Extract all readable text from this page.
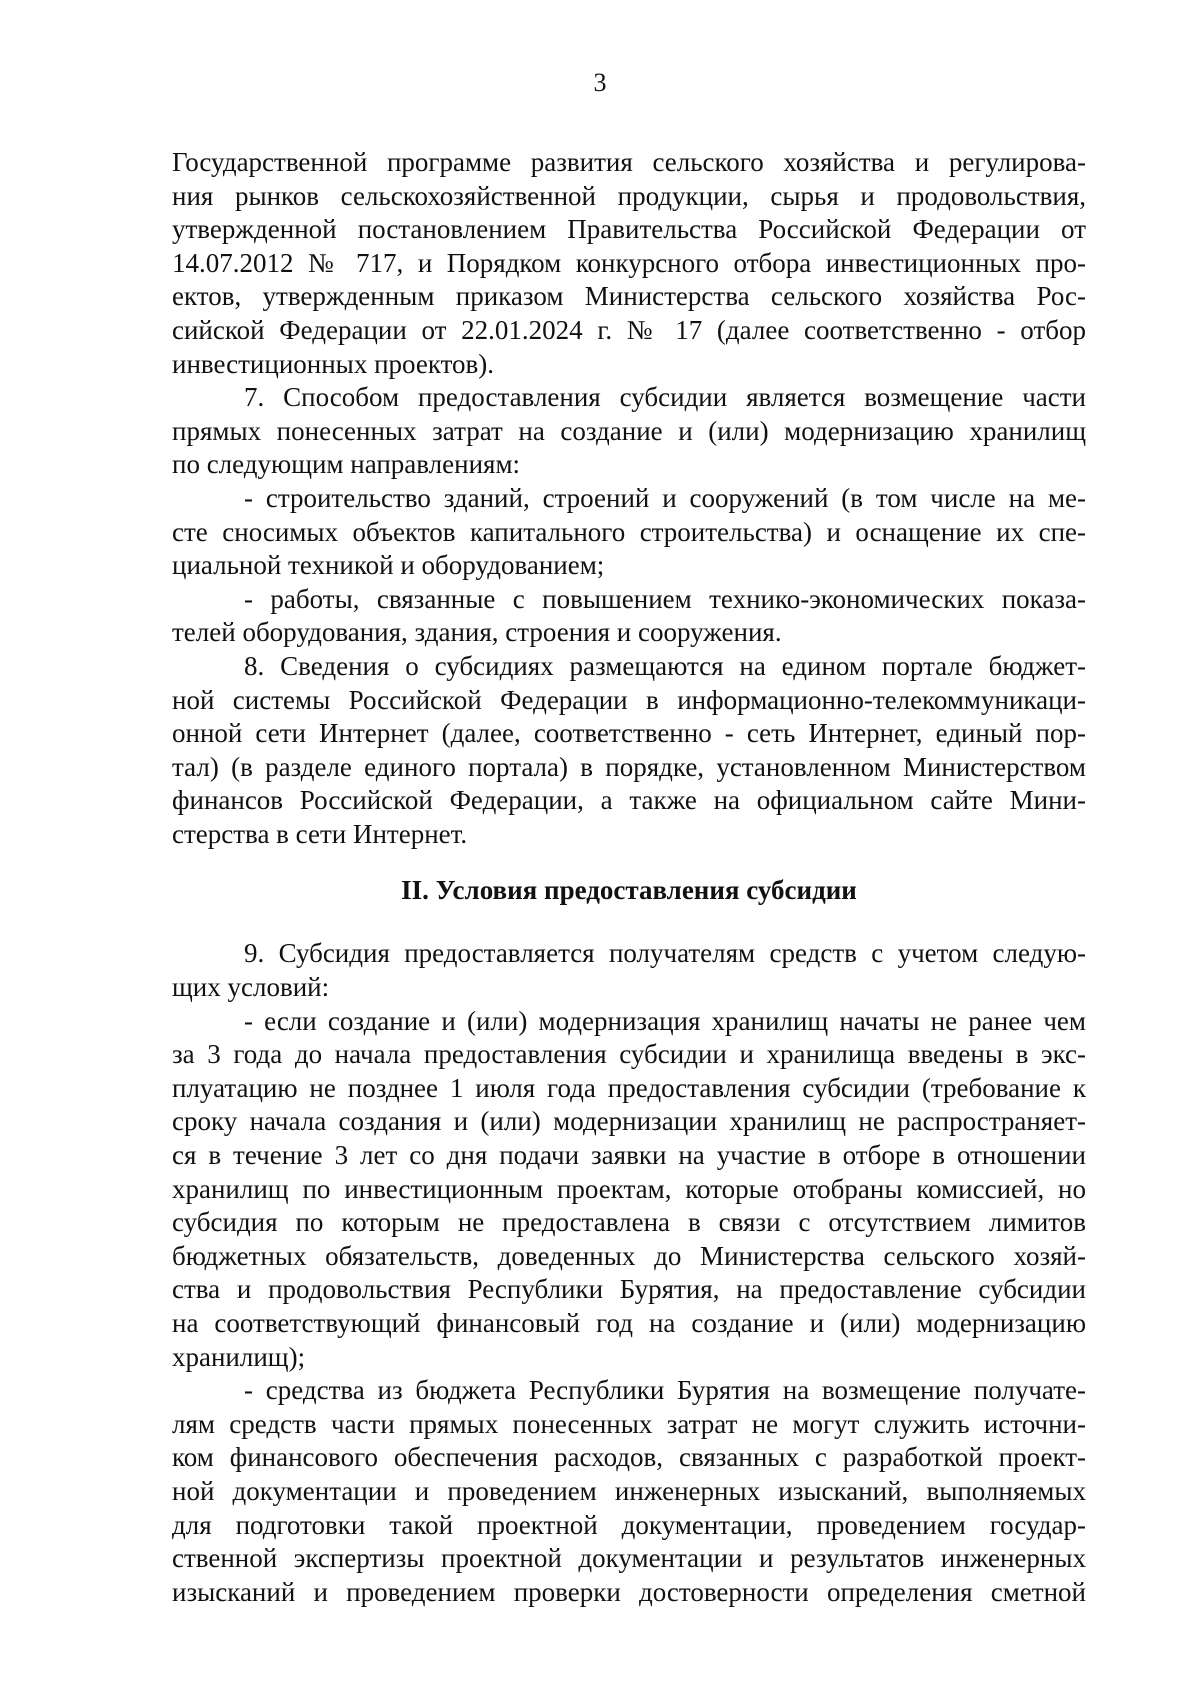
3
Государственной программе развития сельского хозяйства и регулирова-
ния рынков сельскохозяйственной продукции, сырья и продовольствия,
утвержденной постановлением Правительства Российской Федерации от
14.07.2012 № 717, и Порядком конкурсного отбора инвестиционных про-
ектов, утвержденным приказом Министерства сельского хозяйства Рос-
сийской Федерации от 22.01.2024 г. № 17 (далее соответственно - отбор
инвестиционных проектов).
7. Способом предоставления субсидии является возмещение части
прямых понесенных затрат на создание и (или) модернизацию хранилищ
по следующим направлениям:
- строительство зданий, строений и сооружений (в том числе на ме-
сте сносимых объектов капитального строительства) и оснащение их спе-
циальной техникой и оборудованием;
- работы, связанные с повышением технико-экономических показа-
телей оборудования, здания, строения и сооружения.
8. Сведения о субсидиях размещаются на едином портале бюджет-
ной системы Российской Федерации в информационно-телекоммуникаци-
онной сети Интернет (далее, соответственно - сеть Интернет, единый пор-
тал) (в разделе единого портала) в порядке, установленном Министерством
финансов Российской Федерации, а также на официальном сайте Мини-
стерства в сети Интернет.
II. Условия предоставления субсидии
9. Субсидия предоставляется получателям средств с учетом следую-
щих условий:
- если создание и (или) модернизация хранилищ начаты не ранее чем
за 3 года до начала предоставления субсидии и хранилища введены в экс-
плуатацию не позднее 1 июля года предоставления субсидии (требование к
сроку начала создания и (или) модернизации хранилищ не распространяет-
ся в течение 3 лет со дня подачи заявки на участие в отборе в отношении
хранилищ по инвестиционным проектам, которые отобраны комиссией, но
субсидия по которым не предоставлена в связи с отсутствием лимитов
бюджетных обязательств, доведенных до Министерства сельского хозяй-
ства и продовольствия Республики Бурятия, на предоставление субсидии
на соответствующий финансовый год на создание и (или) модернизацию
хранилищ);
- средства из бюджета Республики Бурятия на возмещение получате-
лям средств части прямых понесенных затрат не могут служить источни-
ком финансового обеспечения расходов, связанных с разработкой проект-
ной документации и проведением инженерных изысканий, выполняемых
для подготовки такой проектной документации, проведением государ-
ственной экспертизы проектной документации и результатов инженерных
изысканий и проведением проверки достоверности определения сметной
